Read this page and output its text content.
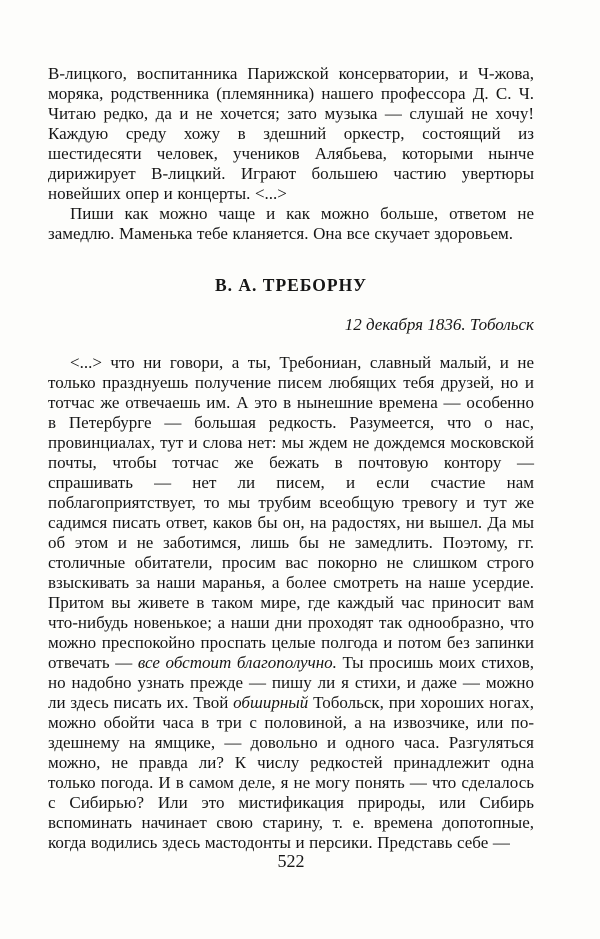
В-лицкого, воспитанника Парижской консерватории, и Ч-жова, моряка, родственника (племянника) нашего профессора Д. С. Ч. Читаю редко, да и не хочется; зато музыка — слушай не хочу! Каждую среду хожу в здешний оркестр, состоящий из шестидесяти человек, учеников Алябьева, которыми нынче дирижирует В-лицкий. Играют большею частию увертюры новейших опер и концерты. <...>

Пиши как можно чаще и как можно больше, ответом не замедлю. Маменька тебе кланяется. Она все скучает здоровьем.

В. А. ТРЕБОРНУ
12 декабря 1836. Тобольск

<...> что ни говори, а ты, Требониан, славный малый, и не только празднуешь получение писем любящих тебя друзей, но и тотчас же отвечаешь им. А это в нынешние времена — особенно в Петербурге — большая редкость. Разумеется, что о нас, провинциалах, тут и слова нет: мы ждем не дождемся московской почты, чтобы тотчас же бежать в почтовую контору — спрашивать — нет ли писем, и если счастие нам поблагоприятствует, то мы трубим всеобщую тревогу и тут же садимся писать ответ, каков бы он, на радостях, ни вышел. Да мы об этом и не заботимся, лишь бы не замедлить. Поэтому, гг. столичные обитатели, просим вас покорно не слишком строго взыскивать за наши маранья, а более смотреть на наше усердие. Притом вы живете в таком мире, где каждый час приносит вам что-нибудь новенькое; а наши дни проходят так однообразно, что можно преспокойно проспать целые полгода и потом без запинки отвечать — все обстоит благополучно. Ты просишь моих стихов, но надобно узнать прежде — пишу ли я стихи, и даже — можно ли здесь писать их. Твой обширный Тобольск, при хороших ногах, можно обойти часа в три с половиной, а на извозчике, или по-здешнему на ямщике, — довольно и одного часа. Разгуляться можно, не правда ли? К числу редкостей принадлежит одна только погода. И в самом деле, я не могу понять — что сделалось с Сибирью? Или это мистификация природы, или Сибирь вспоминать начинает свою старину, т. е. времена допотопные, когда водились здесь мастодонты и персики. Представь себе —

522
